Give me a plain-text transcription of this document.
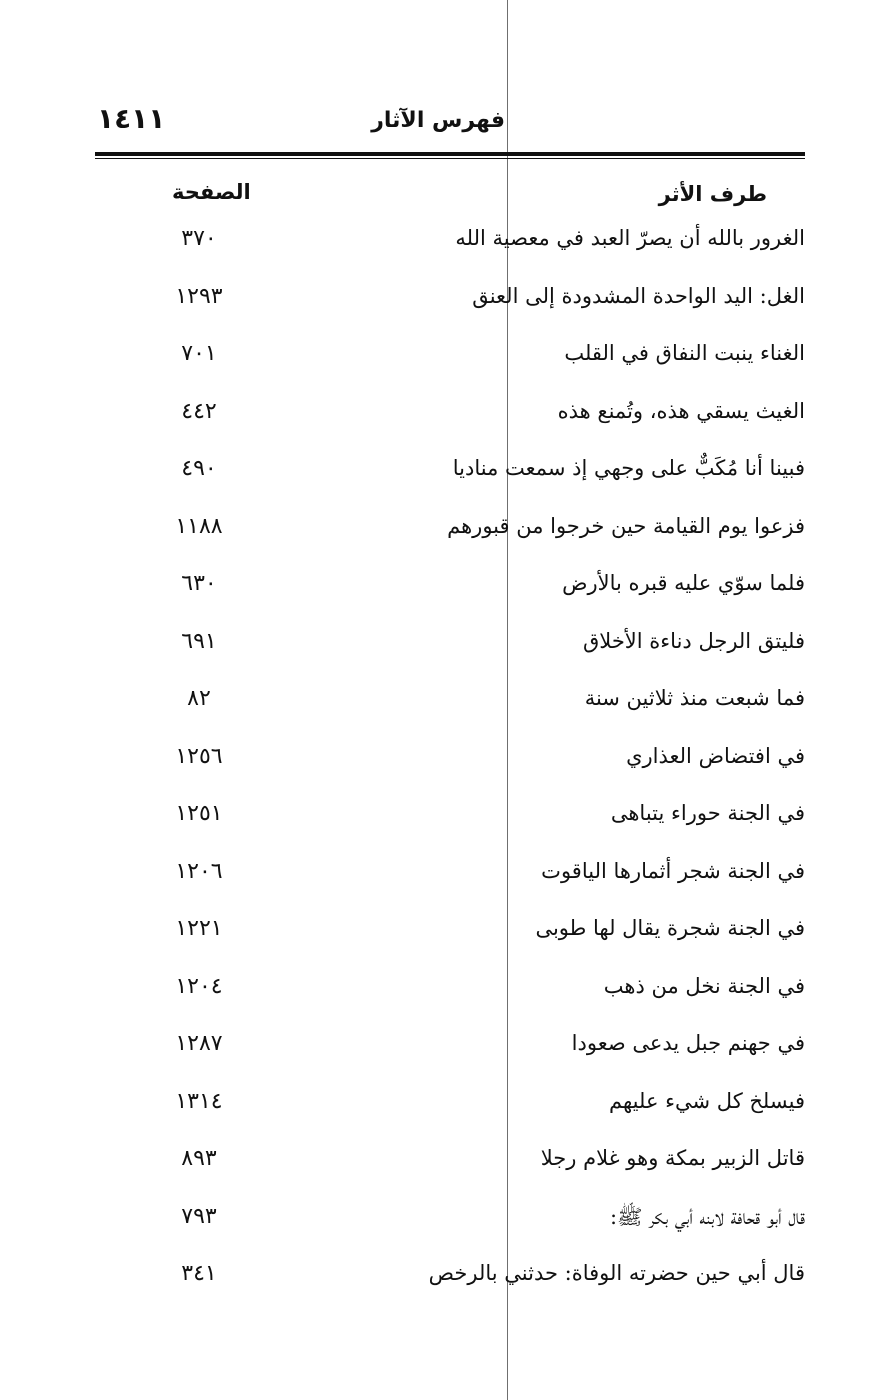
١٤١١	فهرس الآثار
طرف الأثر
الصفحة
الغرور بالله أن يصرّ العبد في معصية الله
٣٧٠
الغل: اليد الواحدة المشدودة إلى العنق
١٢٩٣
الغناء ينبت النفاق في القلب
٧٠١
الغيث يسقي هذه، وتُمنع هذه
٤٤٢
فبينا أنا مُكَبٌّ على وجهي إذ سمعت مناديا
٤٩٠
فزعوا يوم القيامة حين خرجوا من قبورهم
١١٨٨
فلما سوّي عليه قبره بالأرض
٦٣٠
فليتق الرجل دناءة الأخلاق
٦٩١
فما شبعت منذ ثلاثين سنة
٨٢
في افتضاض العذاري
١٢٥٦
في الجنة حوراء يتباهى
١٢٥١
في الجنة شجر أثمارها الياقوت
١٢٠٦
في الجنة شجرة يقال لها طوبى
١٢٢١
في الجنة نخل من ذهب
١٢٠٤
في جهنم جبل يدعى صعودا
١٢٨٧
فيسلخ كل شيء عليهم
١٣١٤
قاتل الزبير بمكة وهو غلام رجلا
٨٩٣
قال أبو قحافة لابنه أبي بكر ﷺ:
٧٩٣
قال أبي حين حضرته الوفاة: حدثني بالرخص
٣٤١
